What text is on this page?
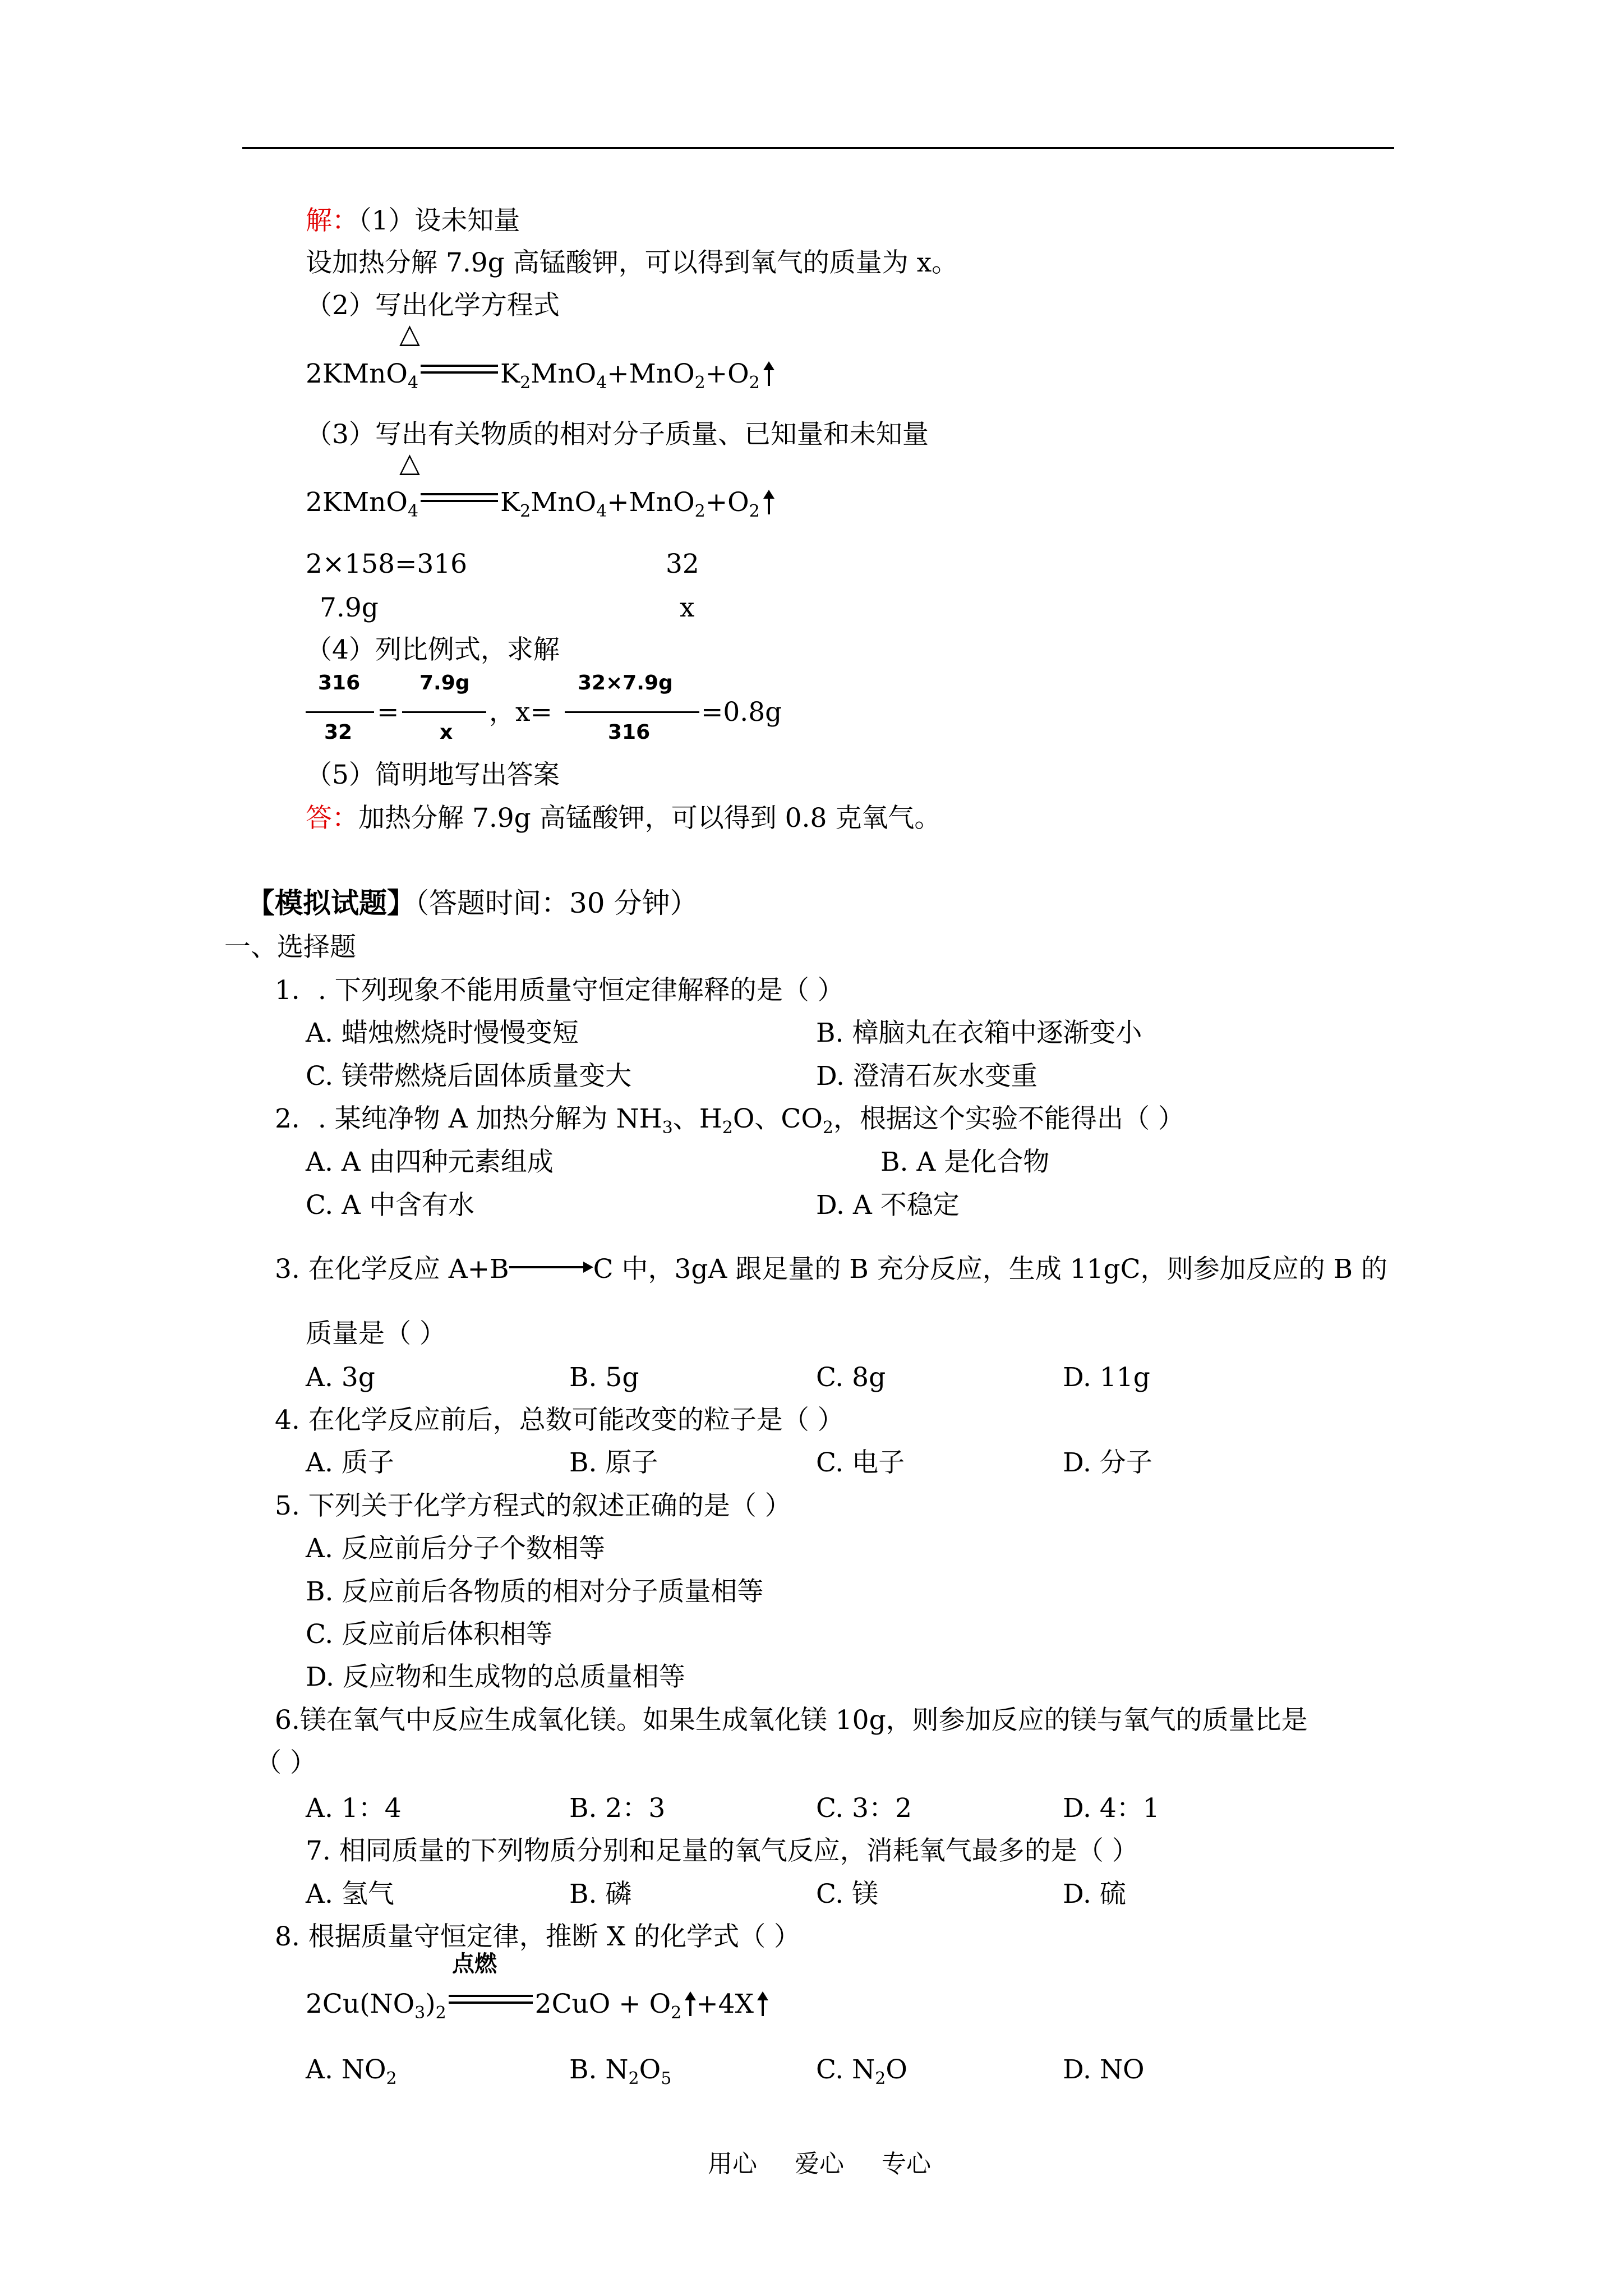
解：（1）设未知量
设加热分解 7.9g 高锰酸钾，可以得到氧气的质量为 x。
（2）写出化学方程式
△
2KMnO$_4$	$K_2MnO_4+MnO_2+O_2$
（3）写出有关物质的相对分子质量、已知量和未知量
△
2KMnO$_4$	$K_2MnO_4+MnO_2+O_2$
2×158=316	32
7.9g	x
（4）列比例式，求解
316
32
=
7.9g
x
，x=
32×7.9g
316
=0.8g
（5）简明地写出答案
答：加热分解 7.9g 高锰酸钾，可以得到 0.8 克氧气。
【模拟试题】（答题时间：30 分钟）
一、选择题
1．. 下列现象不能用质量守恒定律解释的是（ ）
A. 蜡烛燃烧时慢慢变短	B. 樟脑丸在衣箱中逐渐变小
C. 镁带燃烧后固体质量变大	D. 澄清石灰水变重
2．. 某纯净物 A 加热分解为 $NH_3$、$H_2O$、$CO_2$，根据这个实验不能得出（ ）
A. A 由四种元素组成	B. A 是化合物
C. A 中含有水	D. A 不稳定
3. 在化学反应 A+B	C 中，3gA 跟足量的 B 充分反应，生成 11gC，则参加反应的 B 的
质量是（ ）
A. 3g	B. 5g	C. 8g	D. 11g
4. 在化学反应前后，总数可能改变的粒子是（ ）
A. 质子	B. 原子	C. 电子	D. 分子
5. 下列关于化学方程式的叙述正确的是（ ）
A. 反应前后分子个数相等
B. 反应前后各物质的相对分子质量相等
C. 反应前后体积相等
D. 反应物和生成物的总质量相等
6.镁在氧气中反应生成氧化镁。如果生成氧化镁 10g，则参加反应的镁与氧气的质量比是
（ ）
A. 1：4	B. 2：3	C. 3：2	D. 4：1
7. 相同质量的下列物质分别和足量的氧气反应，消耗氧气最多的是（ ）
A. 氢气	B. 磷	C. 镁	D. 硫
8. 根据质量守恒定律，推断 X 的化学式（ ）
点燃
$2Cu(NO_3)_2$	$2CuO + O_2 +4X$
A. $NO_2$	B. $N_2O_5$	C. $N_2O$	D. NO
用心 爱心 专心
